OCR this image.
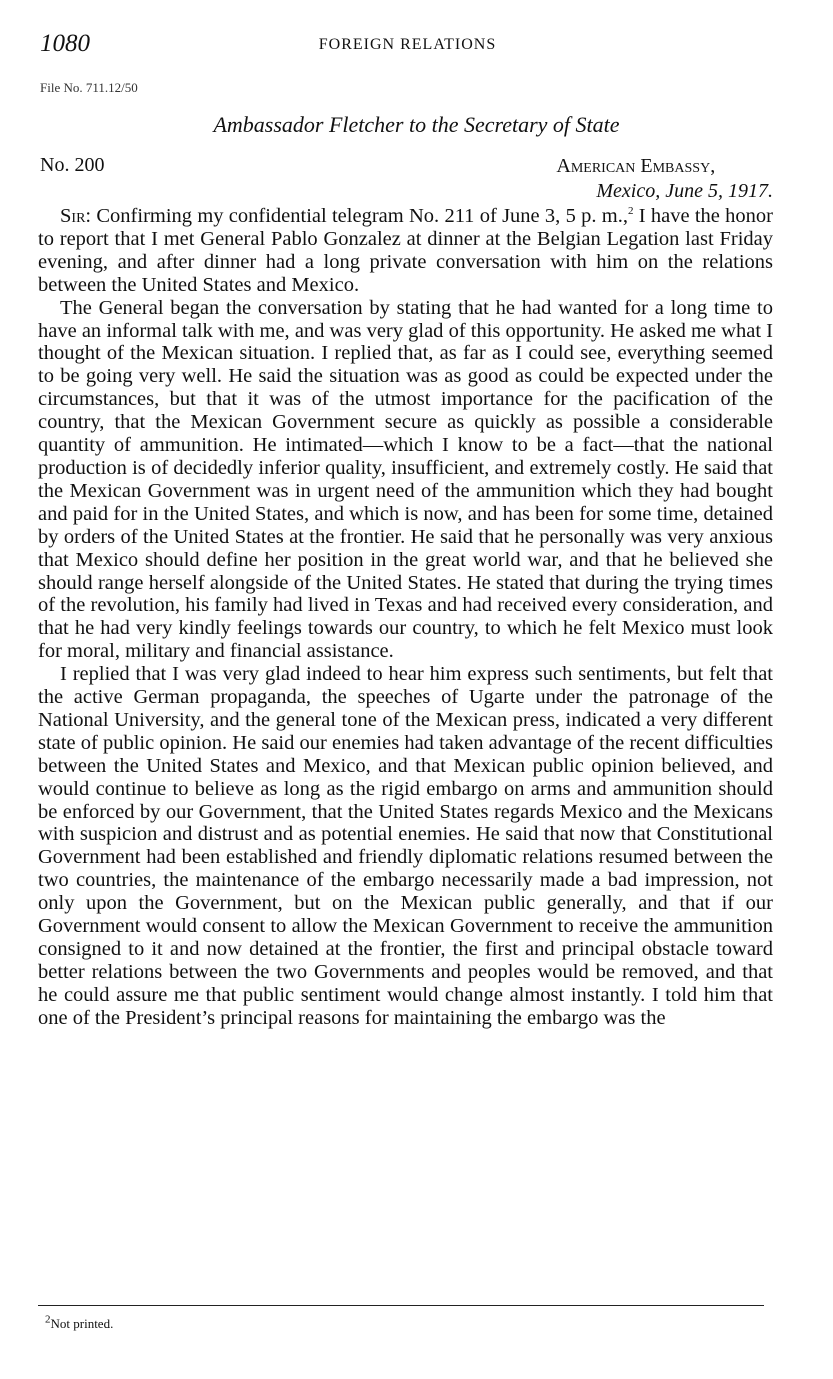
1080	FOREIGN RELATIONS
File No. 711.12/50
Ambassador Fletcher to the Secretary of State
No. 200	American Embassy,
Mexico, June 5, 1917.

Sir: Confirming my confidential telegram No. 211 of June 3, 5 p. m.,$^2$ I have the honor to report that I met General Pablo Gonzalez at dinner at the Belgian Legation last Friday evening, and after dinner had a long private conversation with him on the relations between the United States and Mexico.

The General began the conversation by stating that he had wanted for a long time to have an informal talk with me, and was very glad of this opportunity. He asked me what I thought of the Mexican situation. I replied that, as far as I could see, everything seemed to be going very well. He said the situation was as good as could be expected under the circumstances, but that it was of the utmost importance for the pacification of the country, that the Mexican Government secure as quickly as possible a considerable quantity of ammunition. He intimated—which I know to be a fact—that the national production is of decidedly inferior quality, insufficient, and extremely costly. He said that the Mexican Government was in urgent need of the ammunition which they had bought and paid for in the United States, and which is now, and has been for some time, detained by orders of the United States at the frontier. He said that he personally was very anxious that Mexico should define her position in the great world war, and that he believed she should range herself alongside of the United States. He stated that during the trying times of the revolution, his family had lived in Texas and had received every consideration, and that he had very kindly feelings towards our country, to which he felt Mexico must look for moral, military and financial assistance.

I replied that I was very glad indeed to hear him express such sentiments, but felt that the active German propaganda, the speeches of Ugarte under the patronage of the National University, and the general tone of the Mexican press, indicated a very different state of public opinion. He said our enemies had taken advantage of the recent difficulties between the United States and Mexico, and that Mexican public opinion believed, and would continue to believe as long as the rigid embargo on arms and ammunition should be enforced by our Government, that the United States regards Mexico and the Mexicans with suspicion and distrust and as potential enemies. He said that now that Constitutional Government had been established and friendly diplomatic relations resumed between the two countries, the maintenance of the embargo necessarily made a bad impression, not only upon the Government, but on the Mexican public generally, and that if our Government would consent to allow the Mexican Government to receive the ammunition consigned to it and now detained at the frontier, the first and principal obstacle toward better relations between the two Governments and peoples would be removed, and that he could assure me that public sentiment would change almost instantly. I told him that one of the President’s principal reasons for maintaining the embargo was the

$^2$Not printed.
